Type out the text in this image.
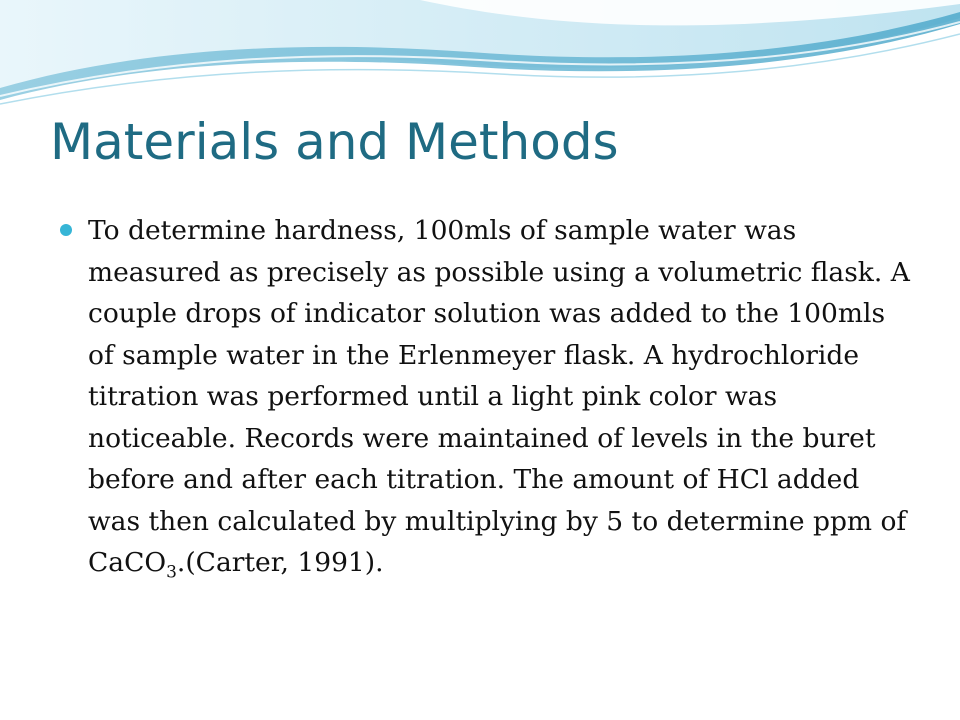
Materials and Methods

To determine hardness, 100mls of sample water was measured as precisely as possible using a volumetric flask. A couple drops of indicator solution was added to the 100mls of sample water in the Erlenmeyer flask. A hydrochloride titration was performed until a light pink color was noticeable. Records were maintained of levels in the buret before and after each titration. The amount of HCl added was then calculated by multiplying by 5 to determine ppm of CaCO$_3$.(Carter, 1991).
